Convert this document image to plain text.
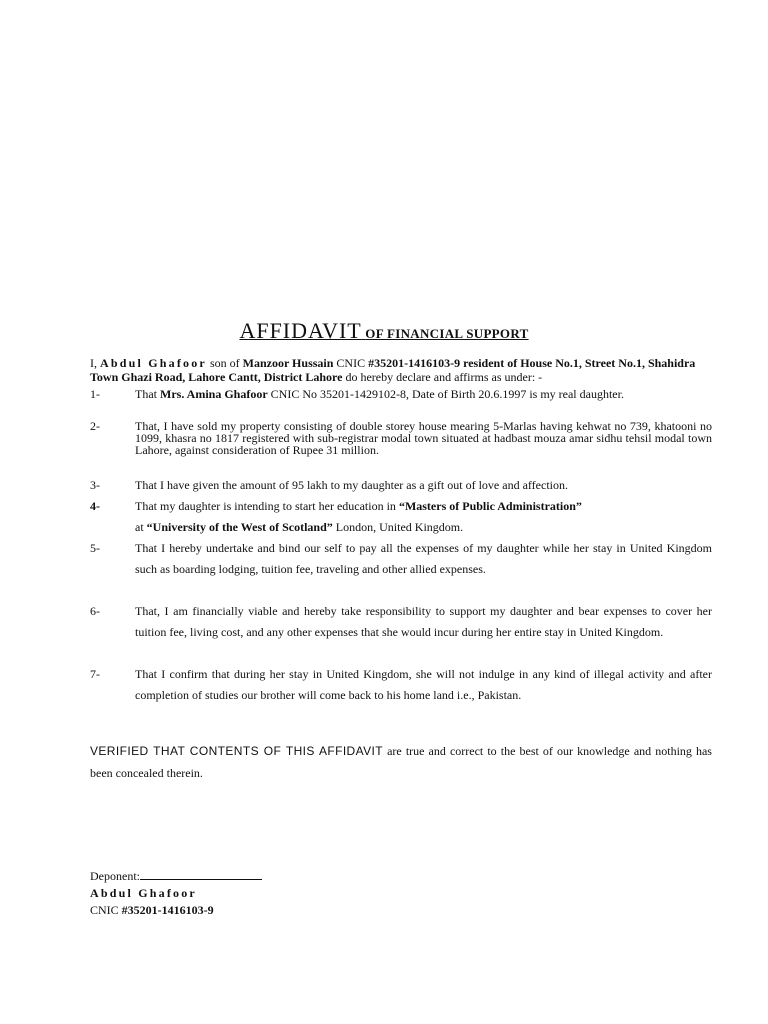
AFFIDAVIT OF FINANCIAL SUPPORT
I, Abdul Ghafoor son of Manzoor Hussain CNIC #35201-1416103-9 resident of House No.1, Street No.1, Shahidra Town Ghazi Road, Lahore Cantt, District Lahore do hereby declare and affirms as under: -
1-	That Mrs. Amina Ghafoor CNIC No 35201-1429102-8, Date of Birth 20.6.1997 is my real daughter.
2-	That, I have sold my property consisting of double storey house mearing 5-Marlas having kehwat no 739, khatooni no 1099, khasra no 1817 registered with sub-registrar modal town situated at hadbast mouza amar sidhu tehsil modal town Lahore, against consideration of Rupee 31 million.
3-	That I have given the amount of 95 lakh to my daughter as a gift out of love and affection.
4-	That my daughter is intending to start her education in “Masters of Public Administration”
at “University of the West of Scotland” London, United Kingdom.
5-	That I hereby undertake and bind our self to pay all the expenses of my daughter while her stay in United Kingdom such as boarding lodging, tuition fee, traveling and other allied expenses.
6-	That, I am financially viable and hereby take responsibility to support my daughter and bear expenses to cover her tuition fee, living cost, and any other expenses that she would incur during her entire stay in United Kingdom.
7-	That I confirm that during her stay in United Kingdom, she will not indulge in any kind of illegal activity and after completion of studies our brother will come back to his home land i.e., Pakistan.
VERIFIED THAT CONTENTS OF THIS AFFIDAVIT are true and correct to the best of our knowledge and nothing has been concealed therein.
Deponent:
Abdul Ghafoor
CNIC #35201-1416103-9
